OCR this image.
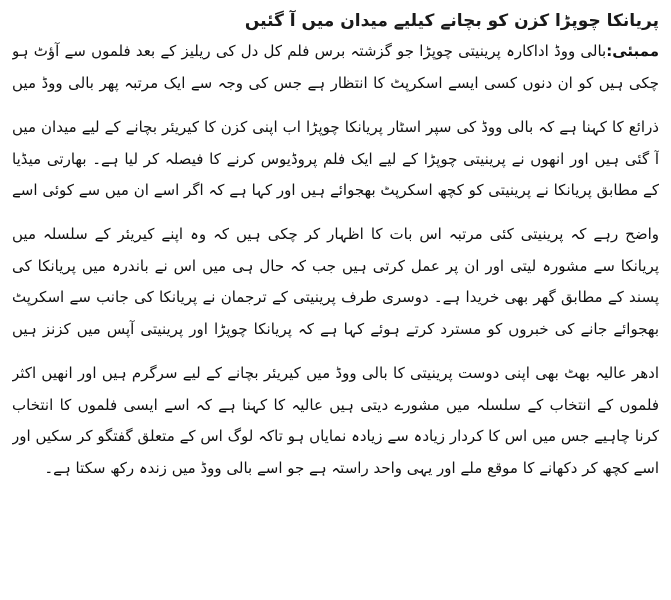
پریانکا چوپڑا کزن کو بچانے کیلیے میدان میں آ گئیں

ممبئی:بالی ووڈ اداکارہ پرینیتی چوپڑا جو گزشتہ برس فلم کل دل کی ریلیز کے بعد فلموں سے آؤٹ ہو چکی ہیں کو ان دنوں کسی ایسے اسکرپٹ کا انتظار ہے جس کی وجہ سے ایک مرتبہ پھر بالی ووڈ میں

ذرائع کا کہنا ہے کہ بالی ووڈ کی سپر اسٹار پریانکا چوپڑا اب اپنی کزن کا کیریئر بچانے کے لیے میدان میں آ گئی ہیں اور انھوں نے پرینیتی چوپڑا کے لیے ایک فلم پروڈیوس کرنے کا فیصلہ کر لیا ہے۔ بھارتی میڈیا کے مطابق پریانکا نے پرینیتی کو کچھ اسکرپٹ بھجوائے ہیں اور کہا ہے کہ اگر اسے ان میں سے کوئی اسے

واضح رہے کہ پرینیتی کئی مرتبہ اس بات کا اظہار کر چکی ہیں کہ وہ اپنے کیریئر کے سلسلہ میں پریانکا سے مشورہ لیتی اور ان پر عمل کرتی ہیں جب کہ حال ہی میں اس نے باندرہ میں پریانکا کی پسند کے مطابق گھر بھی خریدا ہے۔ دوسری طرف پرینیتی کے ترجمان نے پریانکا کی جانب سے اسکرپٹ بھجوائے جانے کی خبروں کو مسترد کرتے ہوئے کہا ہے کہ پریانکا چوپڑا اور پرینیتی آپس میں کزنز ہیں

ادھر عالیہ بھٹ بھی اپنی دوست پرینیتی کا بالی ووڈ میں کیریئر بچانے کے لیے سرگرم ہیں اور انھیں اکثر فلموں کے انتخاب کے سلسلہ میں مشورے دیتی ہیں عالیہ کا کہنا ہے کہ اسے ایسی فلموں کا انتخاب کرنا چاہیے جس میں اس کا کردار زیادہ سے زیادہ نمایاں ہو تاکہ لوگ اس کے متعلق گفتگو کر سکیں اور اسے کچھ کر دکھانے کا موقع ملے اور یہی واحد راستہ ہے جو اسے بالی ووڈ میں زندہ رکھ سکتا ہے۔
